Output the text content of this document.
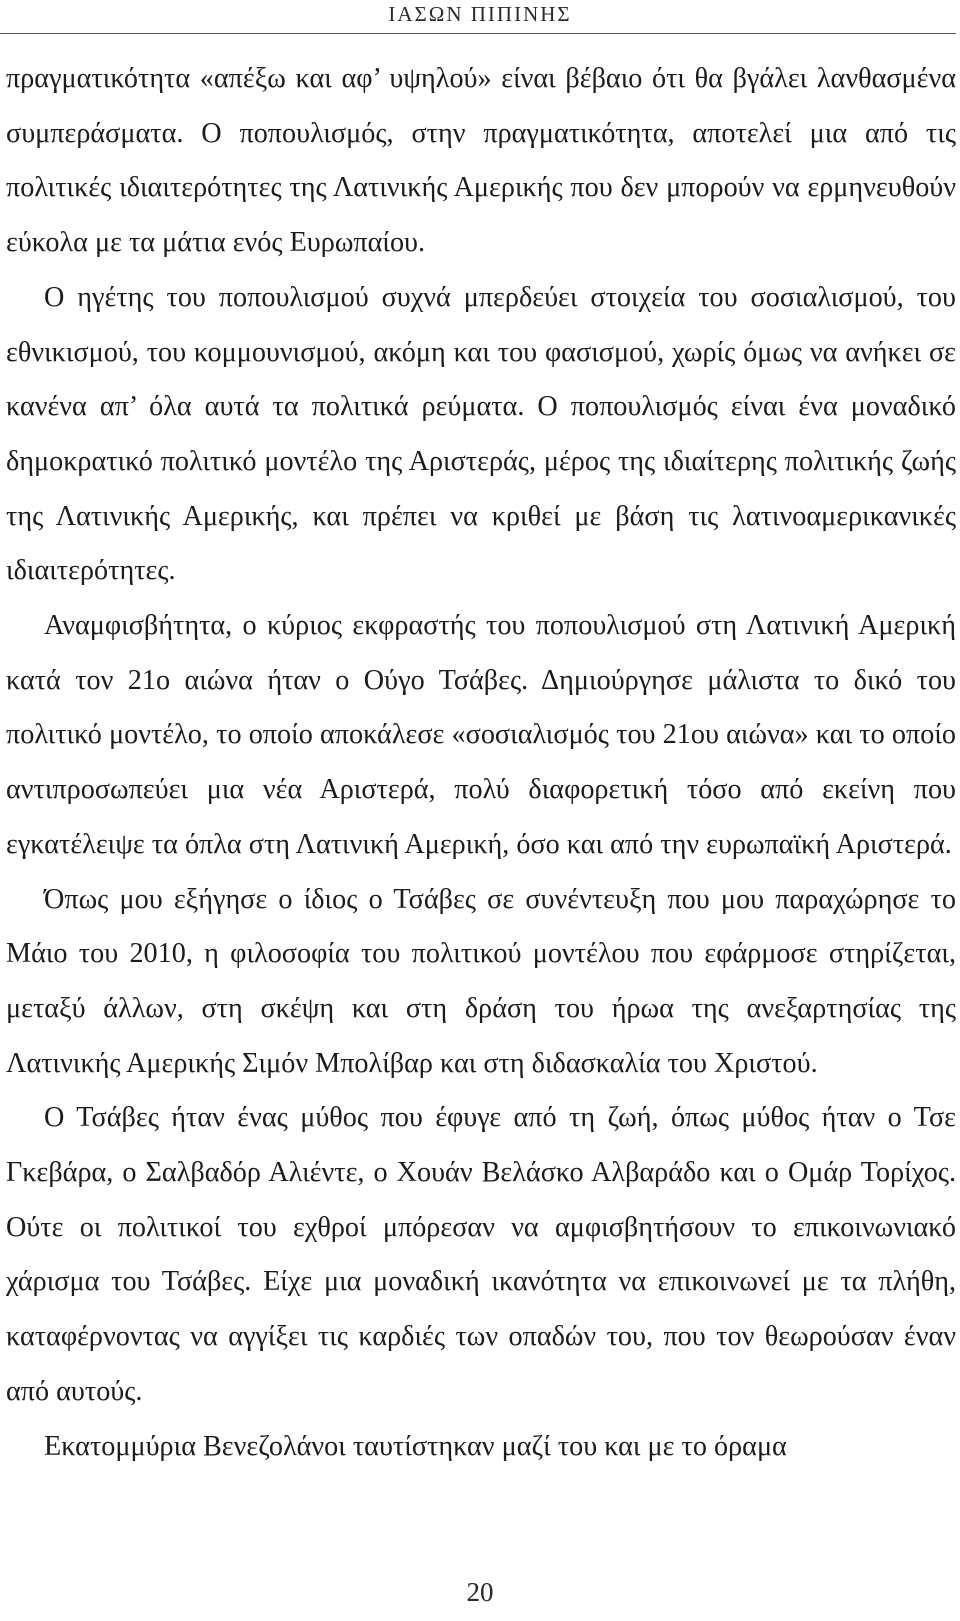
ΙΑΣΩΝ ΠΙΠΙΝΗΣ

πραγματικότητα «απέξω και αφ’ υψηλού» είναι βέβαιο ότι θα βγάλει λανθασμένα συμπεράσματα. Ο ποπουλισμός, στην πραγματικότητα, αποτελεί μια από τις πολιτικές ιδιαιτερότητες της Λατινικής Αμερικής που δεν μπορούν να ερμηνευθούν εύκολα με τα μάτια ενός Ευρωπαίου.

Ο ηγέτης του ποπουλισμού συχνά μπερδεύει στοιχεία του σοσιαλισμού, του εθνικισμού, του κομμουνισμού, ακόμη και του φασισμού, χωρίς όμως να ανήκει σε κανένα απ’ όλα αυτά τα πολιτικά ρεύματα. Ο ποπουλισμός είναι ένα μοναδικό δημοκρατικό πολιτικό μοντέλο της Αριστεράς, μέρος της ιδιαίτερης πολιτικής ζωής της Λατινικής Αμερικής, και πρέπει να κριθεί με βάση τις λατινοαμερικανικές ιδιαιτερότητες.

Αναμφισβήτητα, ο κύριος εκφραστής του ποπουλισμού στη Λατινική Αμερική κατά τον 21ο αιώνα ήταν ο Ούγο Τσάβες. Δημιούργησε μάλιστα το δικό του πολιτικό μοντέλο, το οποίο αποκάλεσε «σοσιαλισμός του 21ου αιώνα» και το οποίο αντιπροσωπεύει μια νέα Αριστερά, πολύ διαφορετική τόσο από εκείνη που εγκατέλειψε τα όπλα στη Λατινική Αμερική, όσο και από την ευρωπαϊκή Αριστερά.

Όπως μου εξήγησε ο ίδιος ο Τσάβες σε συνέντευξη που μου παραχώρησε το Μάιο του 2010, η φιλοσοφία του πολιτικού μοντέλου που εφάρμοσε στηρίζεται, μεταξύ άλλων, στη σκέψη και στη δράση του ήρωα της ανεξαρτησίας της Λατινικής Αμερικής Σιμόν Μπολίβαρ και στη διδασκαλία του Χριστού.

Ο Τσάβες ήταν ένας μύθος που έφυγε από τη ζωή, όπως μύθος ήταν ο Τσε Γκεβάρα, ο Σαλβαδόρ Αλιέντε, ο Χουάν Βελάσκο Αλβαράδο και ο Ομάρ Τορίχος. Ούτε οι πολιτικοί του εχθροί μπόρεσαν να αμφισβητήσουν το επικοινωνιακό χάρισμα του Τσάβες. Είχε μια μοναδική ικανότητα να επικοινωνεί με τα πλήθη, καταφέρνοντας να αγγίξει τις καρδιές των οπαδών του, που τον θεωρούσαν έναν από αυτούς.

Εκατομμύρια Βενεζολάνοι ταυτίστηκαν μαζί του και με το όραμα

20
